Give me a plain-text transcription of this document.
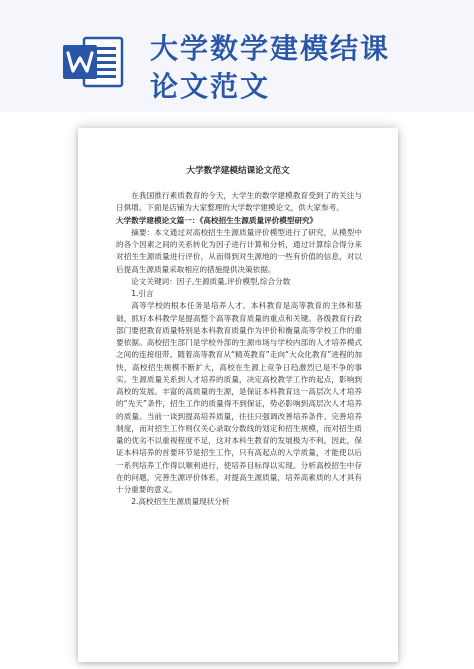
大学数学建模结课
论文范文
大学数学建模结课论文范文

在我国推行素质教育的今天，大学生的数学建模教育受到了的关注与日俱增。下面是店铺为大家整理的大学数学建模论文，供大家参考。

大学数学建模论文篇一：《高校招生生源质量评价模型研究》

摘要：本文通过对高校招生生源质量评价模型进行了研究，从模型中的各个因素之间的关系转化为因子进行计算和分析，通过计算综合得分来对招生生源质量进行评价，从而得到对生源地的一些有价值的信息，对以后提高生源质量采取相应的措施提供决策依据。

论文关键词：因子,生源质量,评价模型,综合分数

1.引言

高等学校的根本任务是培养人才。本科教育是高等教育的主体和基础，抓好本科教学是提高整个高等教育质量的重点和关键。各级教育行政部门要把教育质量特别是本科教育质量作为评价和衡量高等学校工作的重要依据。高校招生部门是学校外部的生源市场与学校内部的人才培养模式之间的连接纽带。随着高等教育从“精英教育”走向“大众化教育”进程的加快，高校招生规模不断扩大，高校在生源上竞争日趋激烈已是不争的事实。生源质量关系到人才培养的质量，决定高校教学工作的起点，影响到高校的发展。丰富的高质量的生源，是保证本科教育这一高层次人才培养的“先天”条件，招生工作的质量得不到保证，势必影响到高层次人才培养的质量。当前一谈到提高培养质量，往往只强调改善培养条件、完善培养制度，而对招生工作则仅关心录取分数线的划定和招生规模，而对招生质量的优劣不以重视程度不足，这对本科生教育的发展极为不利。因此，保证本科培养的首要环节是招生工作，只有高起点的入学质量，才能使以后一系列培养工作得以顺利进行，使培养目标得以实现。分析高校招生中存在的问题，完善生源评价体系，对提高生源质量，培养高素质的人才具有十分重要的意义。

2.高校招生生源质量现状分析
